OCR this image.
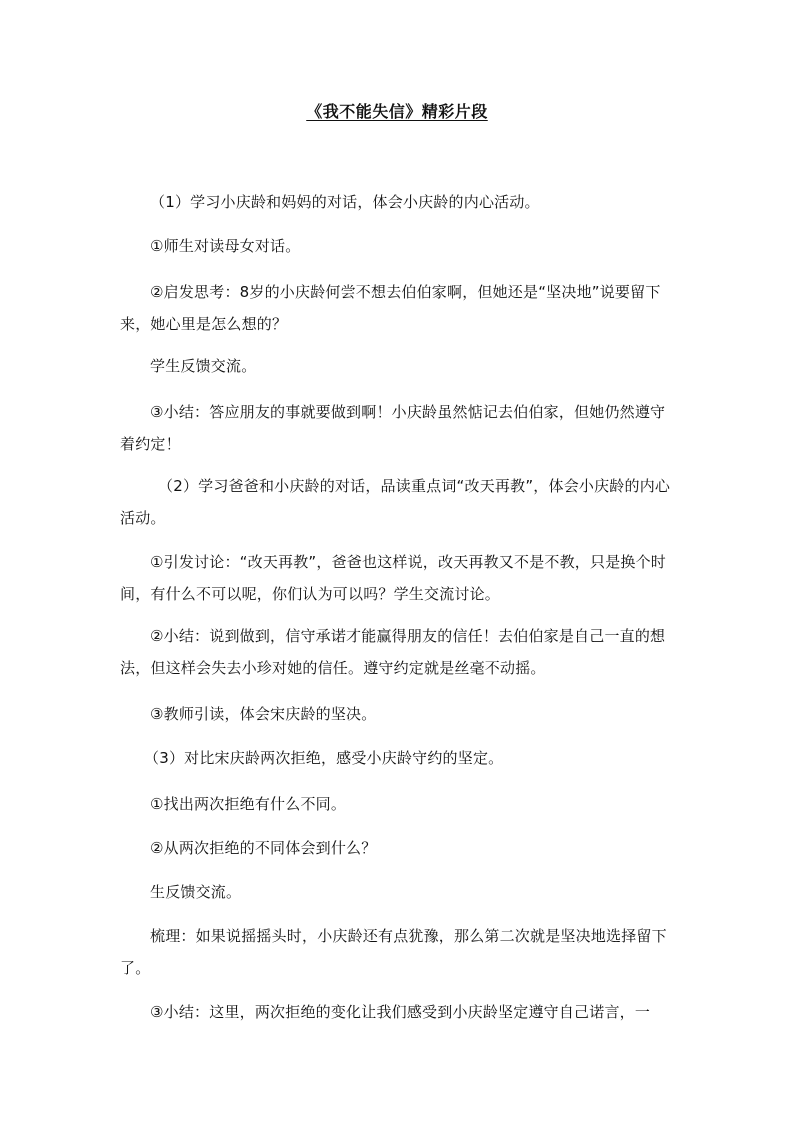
《我不能失信》精彩片段

（1）学习小庆龄和妈妈的对话，体会小庆龄的内心活动。

①师生对读母女对话。

②启发思考：8岁的小庆龄何尝不想去伯伯家啊，但她还是“坚决地”说要留下来，她心里是怎么想的？

学生反馈交流。

③小结：答应朋友的事就要做到啊！小庆龄虽然惦记去伯伯家，但她仍然遵守着约定！

（2）学习爸爸和小庆龄的对话，品读重点词“改天再教”，体会小庆龄的内心活动。

①引发讨论：“改天再教”，爸爸也这样说，改天再教又不是不教，只是换个时间，有什么不可以呢，你们认为可以吗？学生交流讨论。

②小结：说到做到，信守承诺才能赢得朋友的信任！去伯伯家是自己一直的想法，但这样会失去小珍对她的信任。遵守约定就是丝毫不动摇。

③教师引读，体会宋庆龄的坚决。

（3）对比宋庆龄两次拒绝，感受小庆龄守约的坚定。

①找出两次拒绝有什么不同。

②从两次拒绝的不同体会到什么？

生反馈交流。

梳理：如果说摇摇头时，小庆龄还有点犹豫，那么第二次就是坚决地选择留下了。

③小结：这里，两次拒绝的变化让我们感受到小庆龄坚定遵守自己诺言，一
